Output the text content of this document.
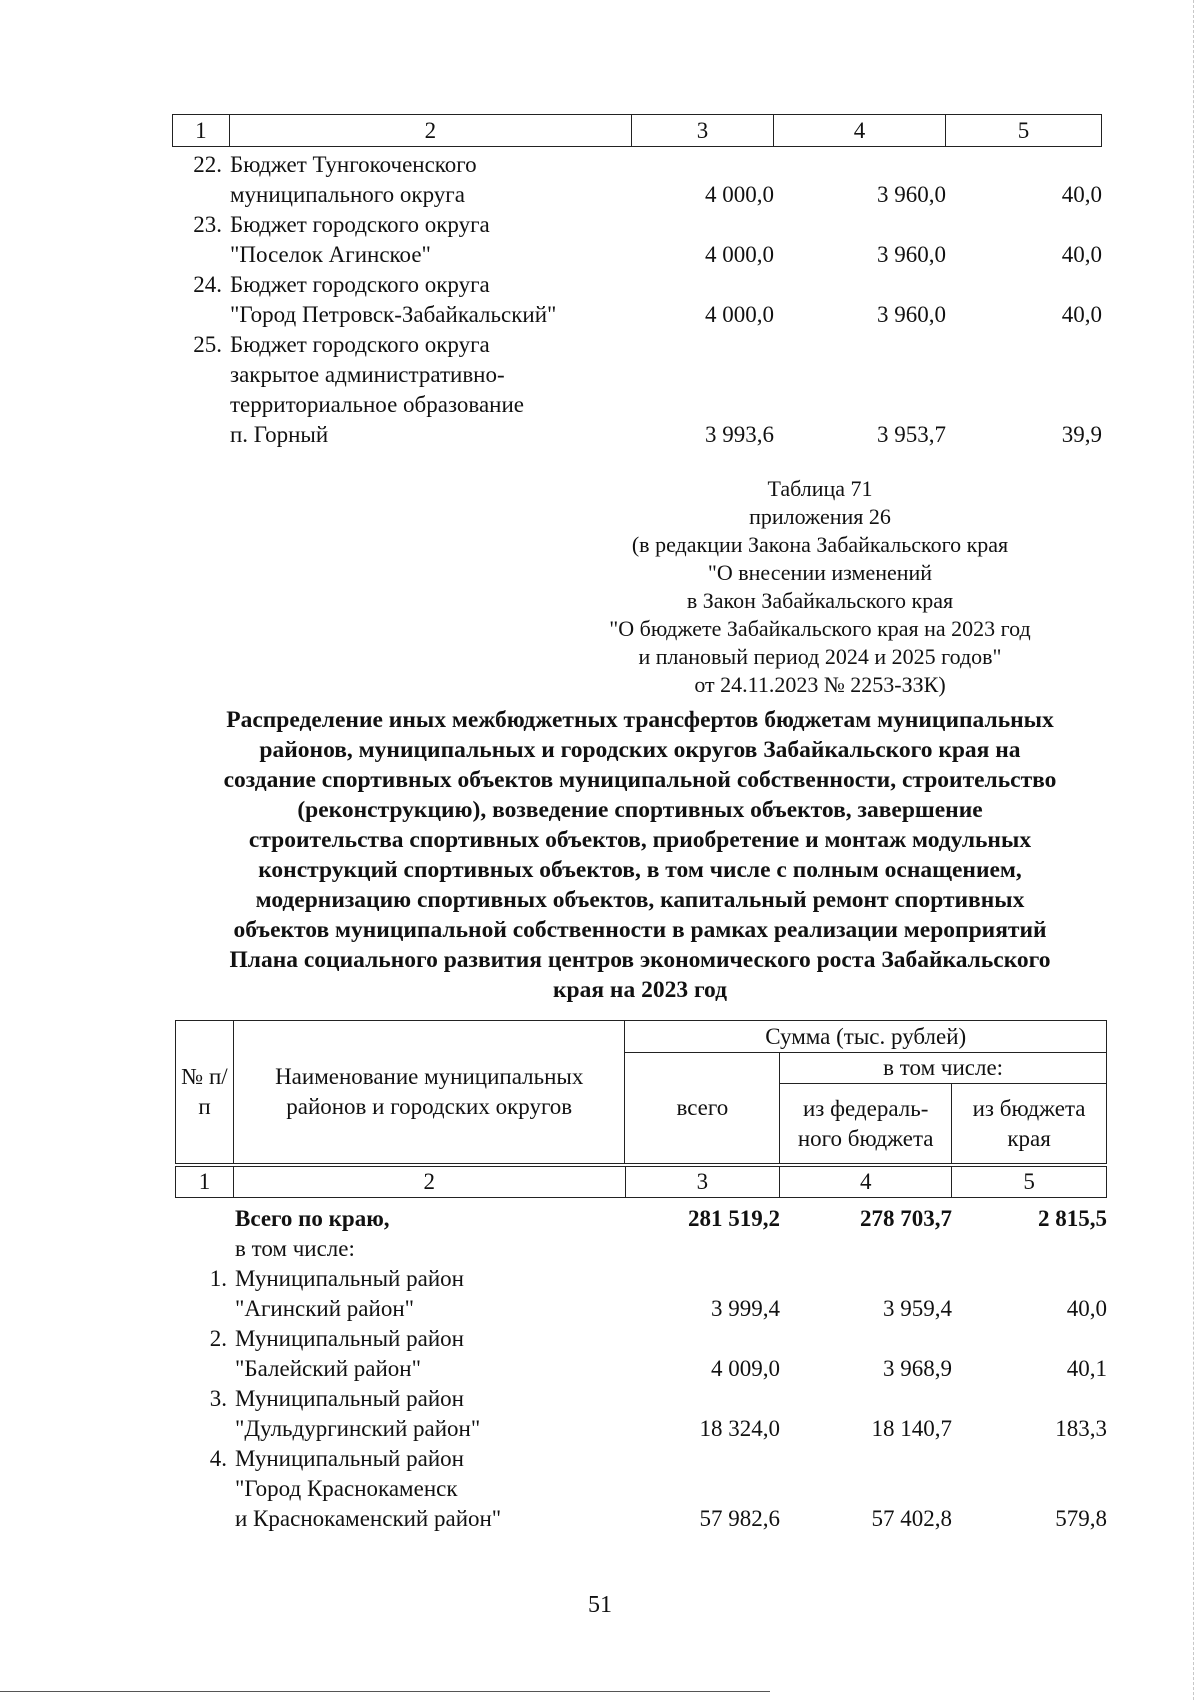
1	2	3	4	5
22.	Бюджет Тунгокоченского
муниципального округа	4 000,0	3 960,0	40,0
23.	Бюджет городского округа
"Поселок Агинское"	4 000,0	3 960,0	40,0
24.	Бюджет городского округа
"Город Петровск-Забайкальский"	4 000,0	3 960,0	40,0
25.	Бюджет городского округа
закрытое административно-
территориальное образование
п. Горный	3 993,6	3 953,7	39,9
Таблица 71
приложения 26
(в редакции Закона Забайкальского края
"О внесении изменений
в Закон Забайкальского края
"О бюджете Забайкальского края на 2023 год
и плановый период 2024 и 2025 годов"
от 24.11.2023 № 2253-ЗЗК)
Распределение иных межбюджетных трансфертов бюджетам муниципальных
районов, муниципальных и городских округов Забайкальского края на
создание спортивных объектов муниципальной собственности, строительство
(реконструкцию), возведение спортивных объектов, завершение
строительства спортивных объектов, приобретение и монтаж модульных
конструкций спортивных объектов, в том числе с полным оснащением,
модернизацию спортивных объектов, капитальный ремонт спортивных
объектов муниципальной собственности в рамках реализации мероприятий
Плана социального развития центров экономического роста Забайкальского
края на 2023 год
№ п/п	Наименование муниципальных районов и городских округов	Сумма (тыс. рублей)		
		всего	в том числе:	
			из федераль-ного бюджета	из бюджета края
1	2	3	4	5
	Всего по краю,	281 519,2	278 703,7	2 815,5
	в том числе:			
1.	Муниципальный район
"Агинский район"	3 999,4	3 959,4	40,0
2.	Муниципальный район
"Балейский район"	4 009,0	3 968,9	40,1
3.	Муниципальный район
"Дульдургинский район"	18 324,0	18 140,7	183,3
4.	Муниципальный район
"Город Краснокаменск
и Краснокаменский район"	57 982,6	57 402,8	579,8
51
